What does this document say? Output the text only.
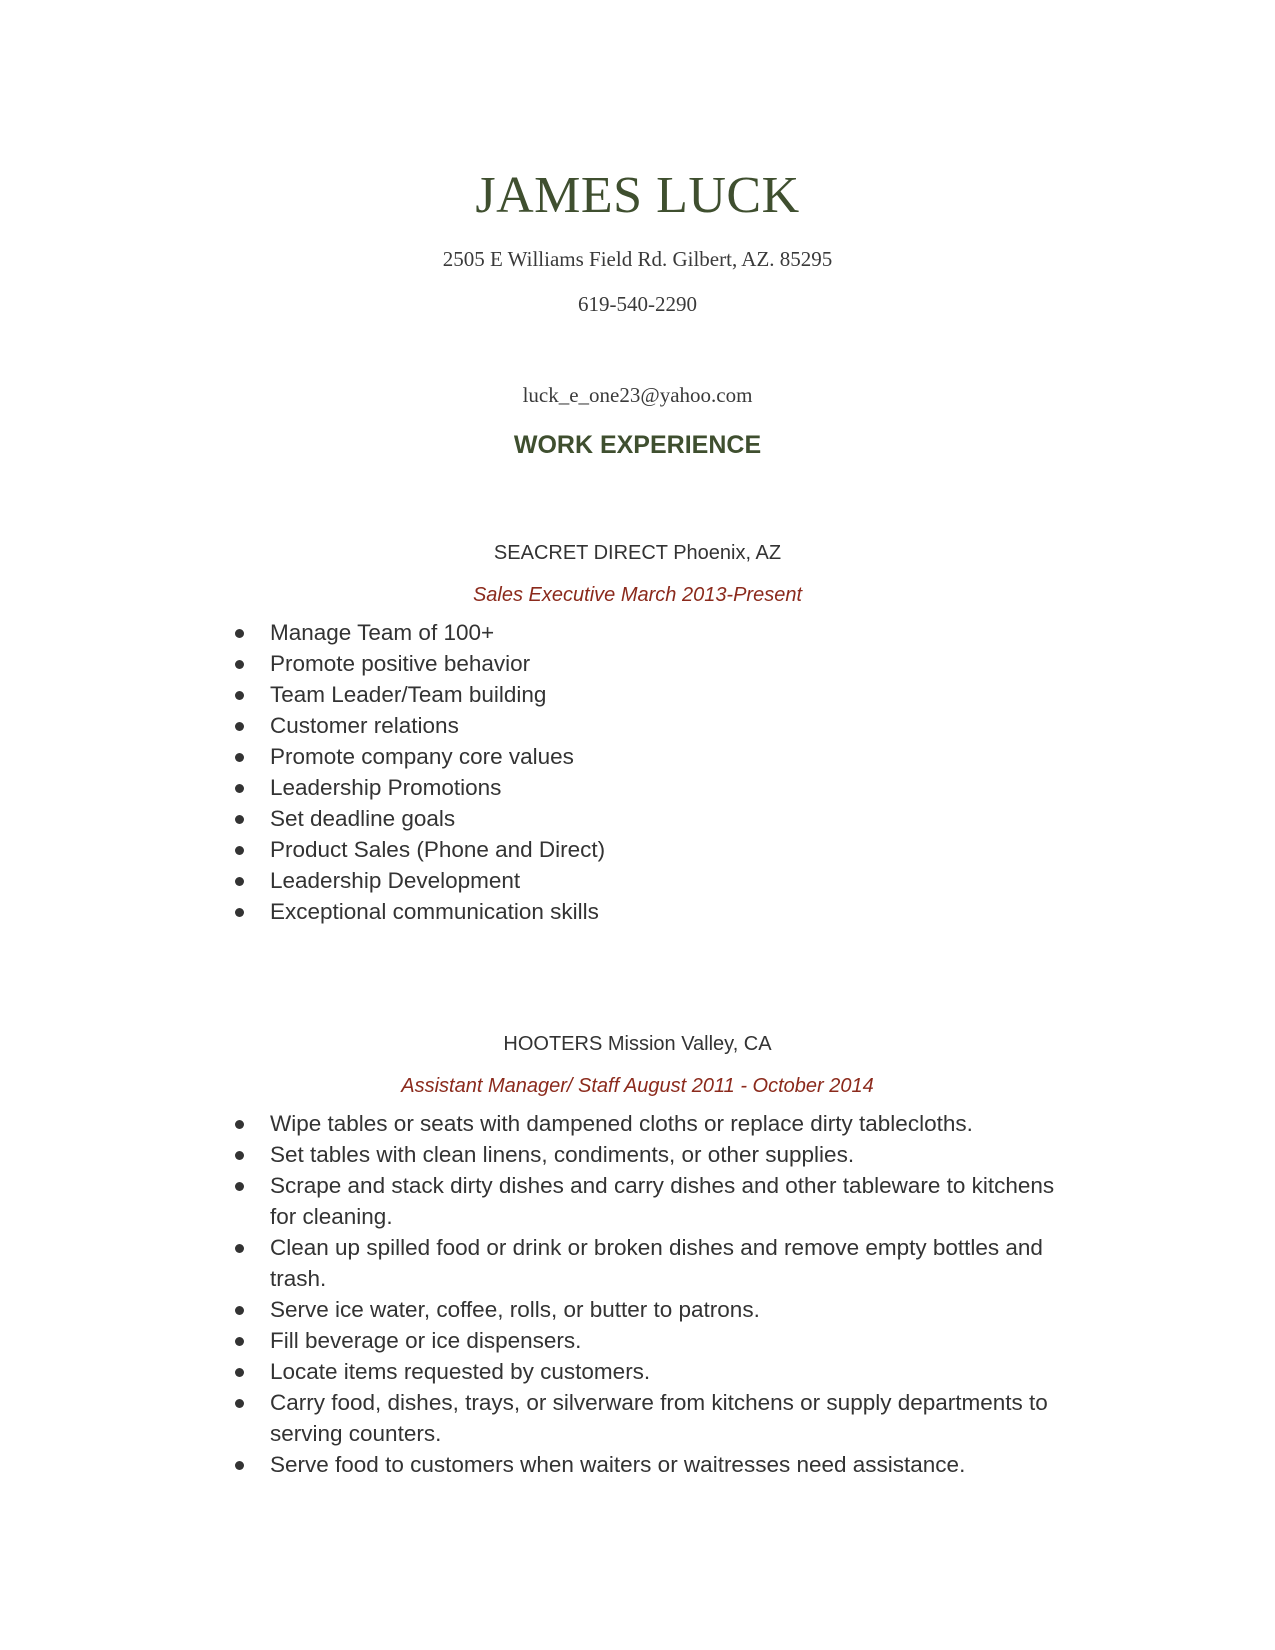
JAMES LUCK
2505 E Williams Field Rd. Gilbert, AZ. 85295
619-540-2290
luck_e_one23@yahoo.com
WORK EXPERIENCE
SEACRET DIRECT Phoenix, AZ
Sales Executive March 2013-Present
Manage Team of 100+
Promote positive behavior
Team Leader/Team building
Customer relations
Promote company core values
Leadership Promotions
Set deadline goals
Product Sales (Phone and Direct)
Leadership Development
Exceptional communication skills
HOOTERS Mission Valley, CA
Assistant Manager/ Staff August 2011 - October 2014
Wipe tables or seats with dampened cloths or replace dirty tablecloths.
Set tables with clean linens, condiments, or other supplies.
Scrape and stack dirty dishes and carry dishes and other tableware to kitchens for cleaning.
Clean up spilled food or drink or broken dishes and remove empty bottles and trash.
Serve ice water, coffee, rolls, or butter to patrons.
Fill beverage or ice dispensers.
Locate items requested by customers.
Carry food, dishes, trays, or silverware from kitchens or supply departments to serving counters.
Serve food to customers when waiters or waitresses need assistance.
